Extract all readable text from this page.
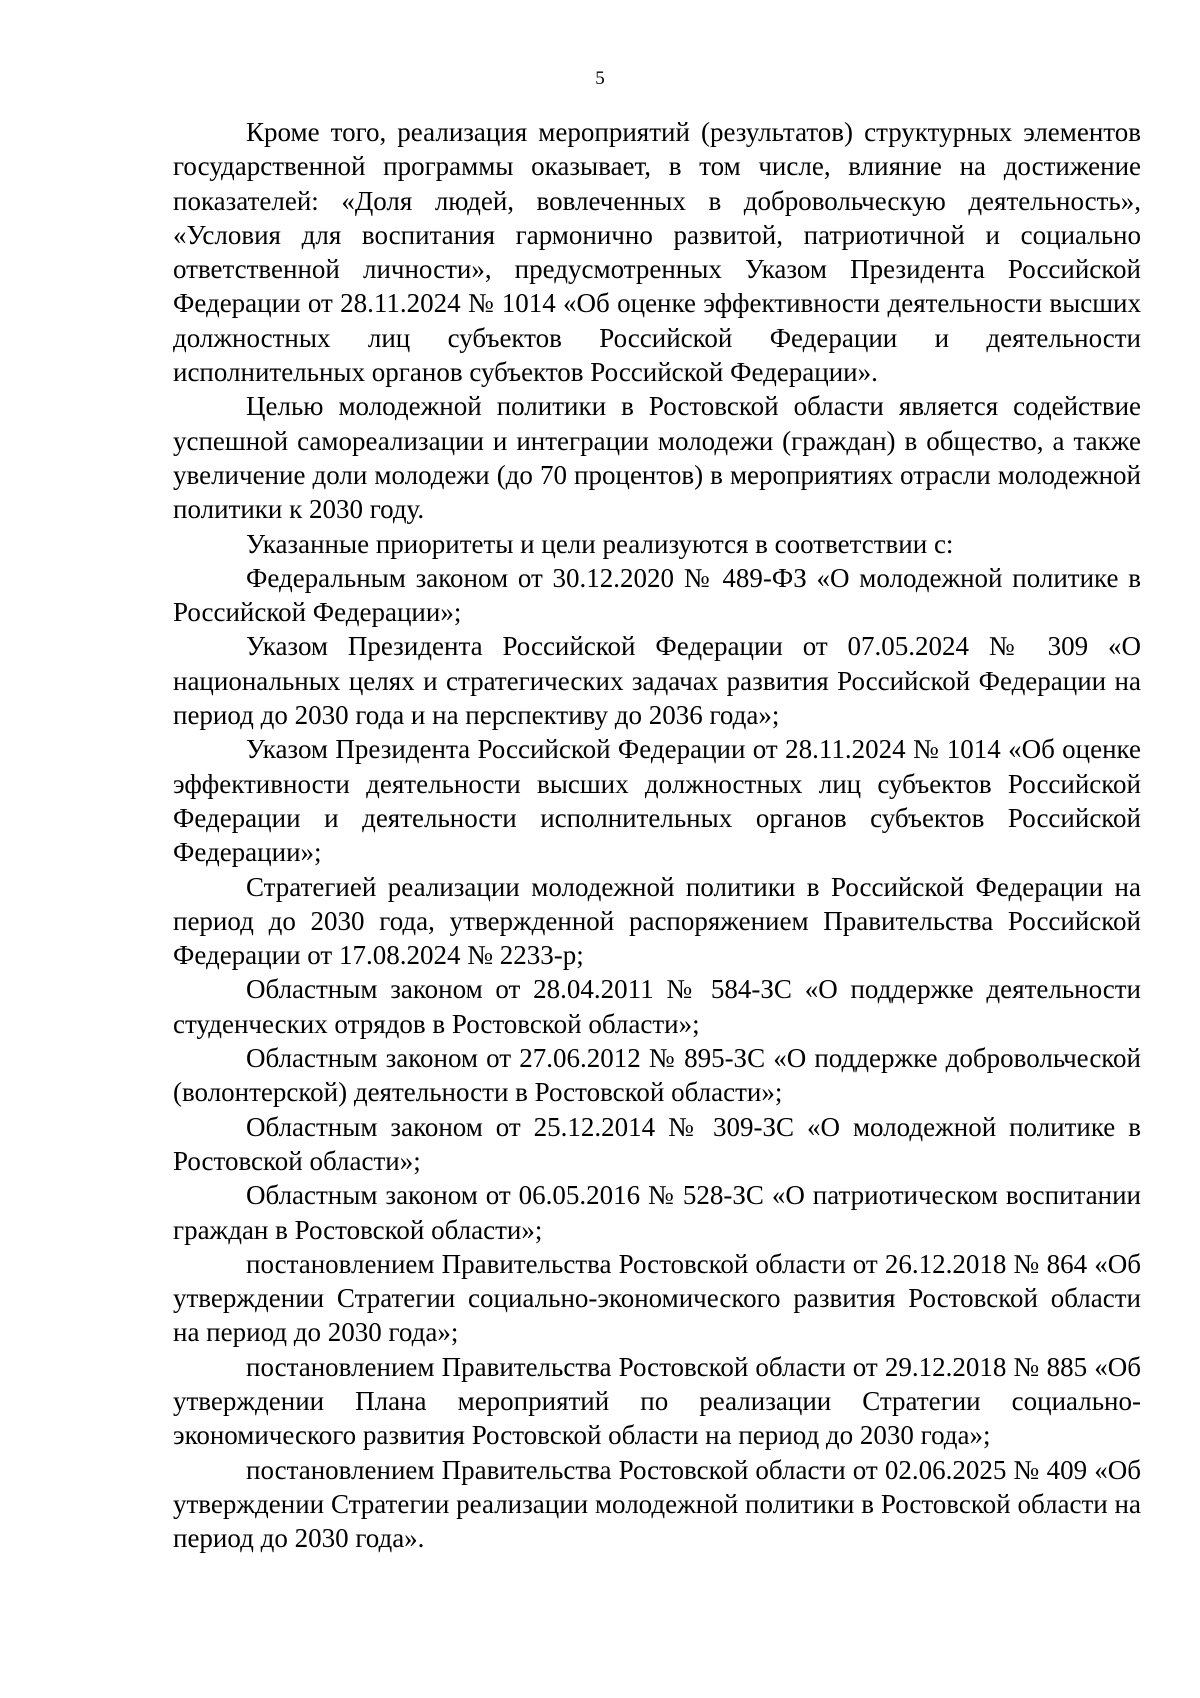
5

Кроме того, реализация мероприятий (результатов) структурных элементов государственной программы оказывает, в том числе, влияние на достижение показателей: «Доля людей, вовлеченных в добровольческую деятельность», «Условия для воспитания гармонично развитой, патриотичной и социально ответственной личности», предусмотренных Указом Президента Российской Федерации от 28.11.2024 № 1014 «Об оценке эффективности деятельности высших должностных лиц субъектов Российской Федерации и деятельности исполнительных органов субъектов Российской Федерации».

Целью молодежной политики в Ростовской области является содействие успешной самореализации и интеграции молодежи (граждан) в общество, а также увеличение доли молодежи (до 70 процентов) в мероприятиях отрасли молодежной политики к 2030 году.

Указанные приоритеты и цели реализуются в соответствии с:

Федеральным законом от 30.12.2020 № 489-ФЗ «О молодежной политике в Российской Федерации»;

Указом Президента Российской Федерации от 07.05.2024 № 309 «О национальных целях и стратегических задачах развития Российской Федерации на период до 2030 года и на перспективу до 2036 года»;

Указом Президента Российской Федерации от 28.11.2024 № 1014 «Об оценке эффективности деятельности высших должностных лиц субъектов Российской Федерации и деятельности исполнительных органов субъектов Российской Федерации»;

Стратегией реализации молодежной политики в Российской Федерации на период до 2030 года, утвержденной распоряжением Правительства Российской Федерации от 17.08.2024 № 2233-р;

Областным законом от 28.04.2011 № 584-ЗС «О поддержке деятельности студенческих отрядов в Ростовской области»;

Областным законом от 27.06.2012 № 895-ЗС «О поддержке добровольческой (волонтерской) деятельности в Ростовской области»;

Областным законом от 25.12.2014 № 309-ЗС «О молодежной политике в Ростовской области»;

Областным законом от 06.05.2016 № 528-ЗС «О патриотическом воспитании граждан в Ростовской области»;

постановлением Правительства Ростовской области от 26.12.2018 № 864 «Об утверждении Стратегии социально-экономического развития Ростовской области на период до 2030 года»;

постановлением Правительства Ростовской области от 29.12.2018 № 885 «Об утверждении Плана мероприятий по реализации Стратегии социально-экономического развития Ростовской области на период до 2030 года»;

постановлением Правительства Ростовской области от 02.06.2025 № 409 «Об утверждении Стратегии реализации молодежной политики в Ростовской области на период до 2030 года».
